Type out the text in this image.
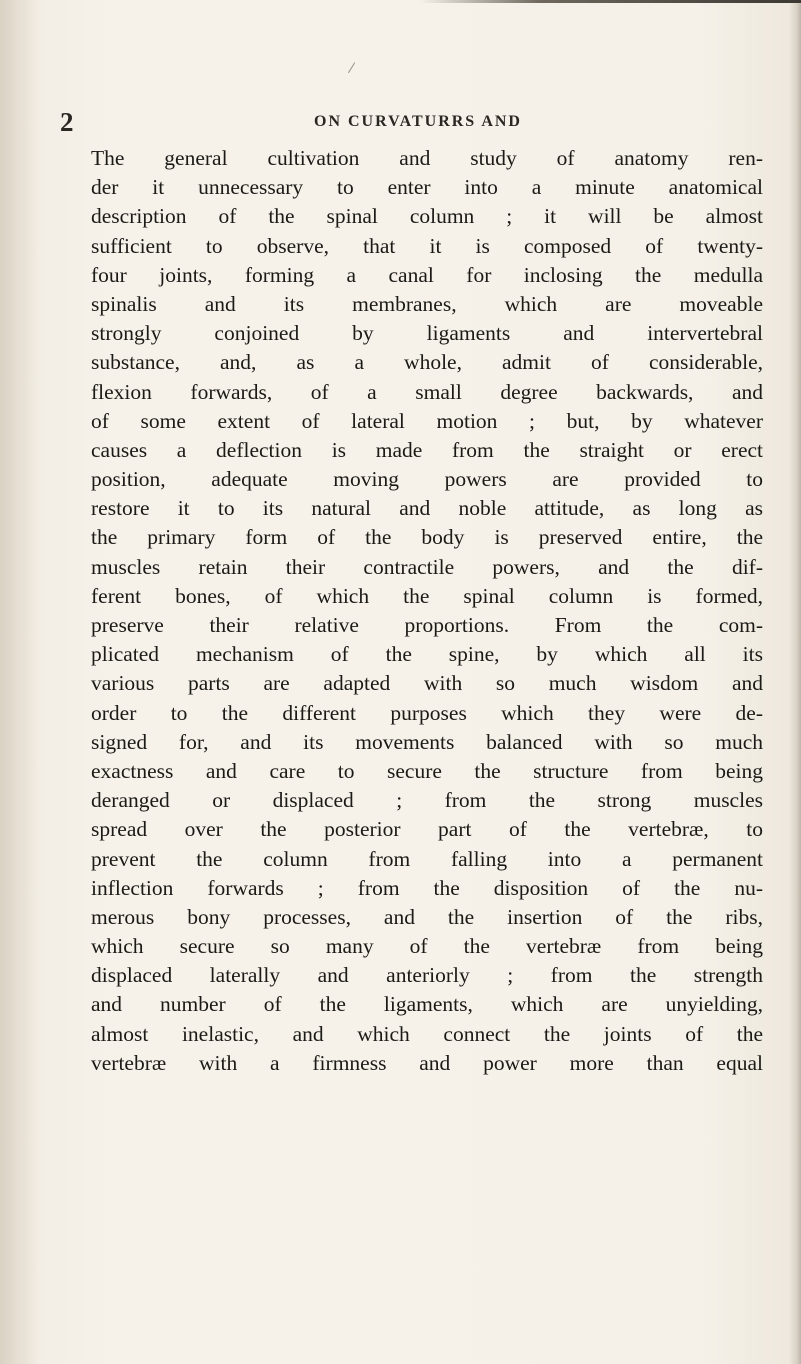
2	ON CURVATURRS AND
The general cultivation and study of anatomy ren-
der it unnecessary to enter into a minute anatomical
description of the spinal column ; it will be almost
sufficient to observe, that it is composed of twenty-
four joints, forming a canal for inclosing the medulla
spinalis and its membranes, which are moveable
strongly conjoined by ligaments and intervertebral
substance, and, as a whole, admit of considerable,
flexion forwards, of a small degree backwards, and
of some extent of lateral motion ; but, by whatever
causes a deflection is made from the straight or erect
position, adequate moving powers are provided to
restore it to its natural and noble attitude, as long as
the primary form of the body is preserved entire, the
muscles retain their contractile powers, and the dif-
ferent bones, of which the spinal column is formed,
preserve their relative proportions. From the com-
plicated mechanism of the spine, by which all its
various parts are adapted with so much wisdom and
order to the different purposes which they were de-
signed for, and its movements balanced with so much
exactness and care to secure the structure from being
deranged or displaced ; from the strong muscles
spread over the posterior part of the vertebræ, to
prevent the column from falling into a permanent
inflection forwards ; from the disposition of the nu-
merous bony processes, and the insertion of the ribs,
which secure so many of the vertebræ from being
displaced laterally and anteriorly ; from the strength
and number of the ligaments, which are unyielding,
almost inelastic, and which connect the joints of the
vertebræ with a firmness and power more than equal
